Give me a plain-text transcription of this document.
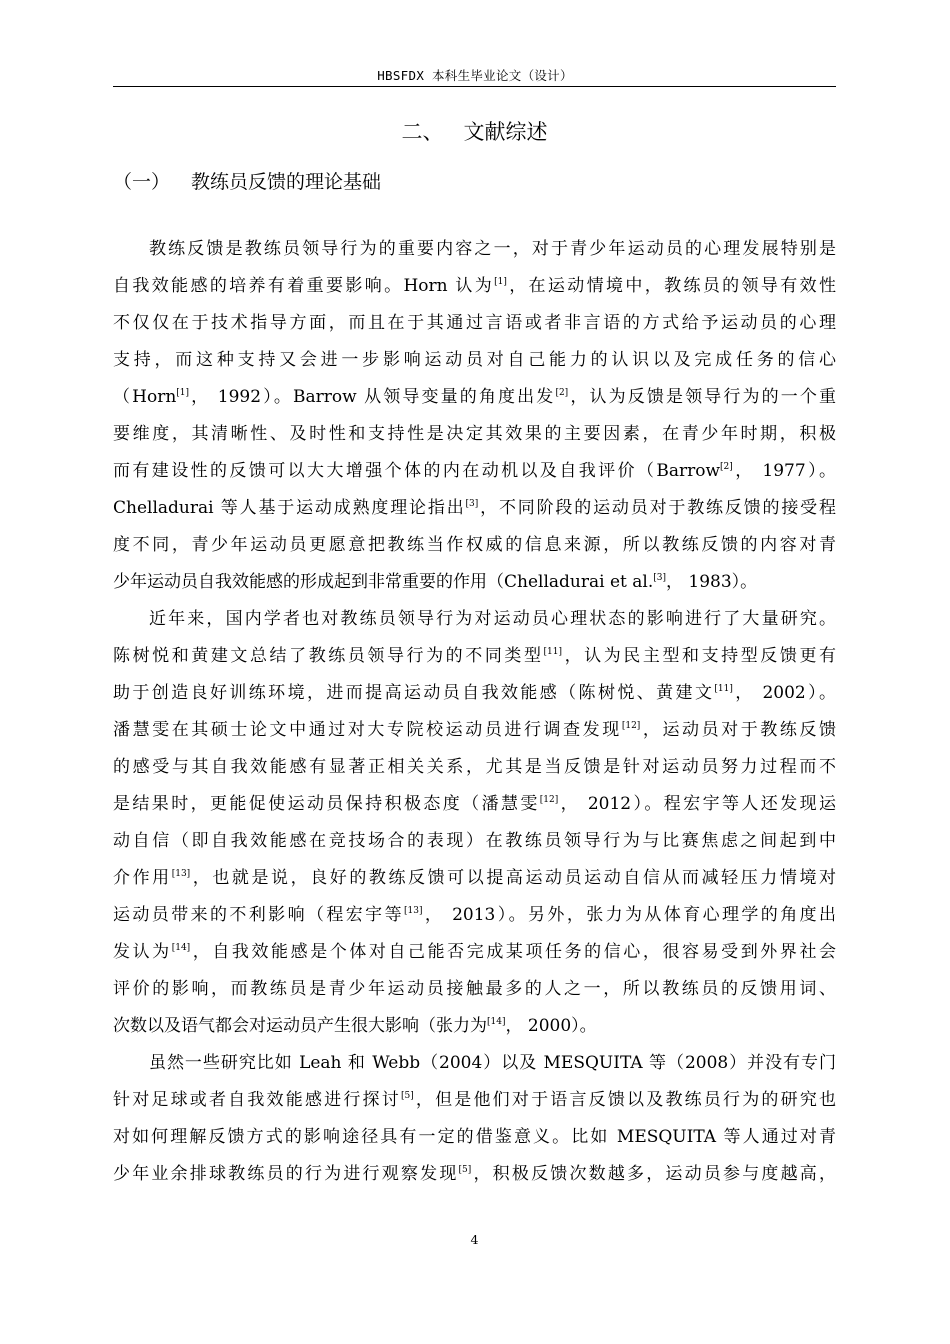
HBSFDX 本科生毕业论文（设计）
二、 文献综述
（一） 教练员反馈的理论基础
教练反馈是教练员领导行为的重要内容之一，对于青少年运动员的心理发展特别是
自我效能感的培养有着重要影响。Horn 认为[1]，在运动情境中，教练员的领导有效性
不仅仅在于技术指导方面，而且在于其通过言语或者非言语的方式给予运动员的心理
支持，而这种支持又会进一步影响运动员对自己能力的认识以及完成任务的信心
（Horn[1]， 1992）。Barrow 从领导变量的角度出发[2]，认为反馈是领导行为的一个重
要维度，其清晰性、及时性和支持性是决定其效果的主要因素，在青少年时期，积极
而有建设性的反馈可以大大增强个体的内在动机以及自我评价（Barrow[2]， 1977）。
Chelladurai 等人基于运动成熟度理论指出[3]，不同阶段的运动员对于教练反馈的接受程
度不同，青少年运动员更愿意把教练当作权威的信息来源，所以教练反馈的内容对青
少年运动员自我效能感的形成起到非常重要的作用（Chelladurai et al.[3]， 1983）。
近年来，国内学者也对教练员领导行为对运动员心理状态的影响进行了大量研究。
陈树悦和黄建文总结了教练员领导行为的不同类型[11]，认为民主型和支持型反馈更有
助于创造良好训练环境，进而提高运动员自我效能感（陈树悦、黄建文[11]， 2002）。
潘慧雯在其硕士论文中通过对大专院校运动员进行调查发现[12]，运动员对于教练反馈
的感受与其自我效能感有显著正相关关系，尤其是当反馈是针对运动员努力过程而不
是结果时，更能促使运动员保持积极态度（潘慧雯[12]， 2012）。程宏宇等人还发现运
动自信（即自我效能感在竞技场合的表现）在教练员领导行为与比赛焦虑之间起到中
介作用[13]，也就是说，良好的教练反馈可以提高运动员运动自信从而减轻压力情境对
运动员带来的不利影响（程宏宇等[13]， 2013）。另外，张力为从体育心理学的角度出
发认为[14]，自我效能感是个体对自己能否完成某项任务的信心，很容易受到外界社会
评价的影响，而教练员是青少年运动员接触最多的人之一，所以教练员的反馈用词、
次数以及语气都会对运动员产生很大影响（张力为[14]， 2000）。
虽然一些研究比如 Leah 和 Webb（2004）以及 MESQUITA 等（2008）并没有专门
针对足球或者自我效能感进行探讨[5]，但是他们对于语言反馈以及教练员行为的研究也
对如何理解反馈方式的影响途径具有一定的借鉴意义。比如 MESQUITA 等人通过对青
少年业余排球教练员的行为进行观察发现[5]，积极反馈次数越多，运动员参与度越高，
4
